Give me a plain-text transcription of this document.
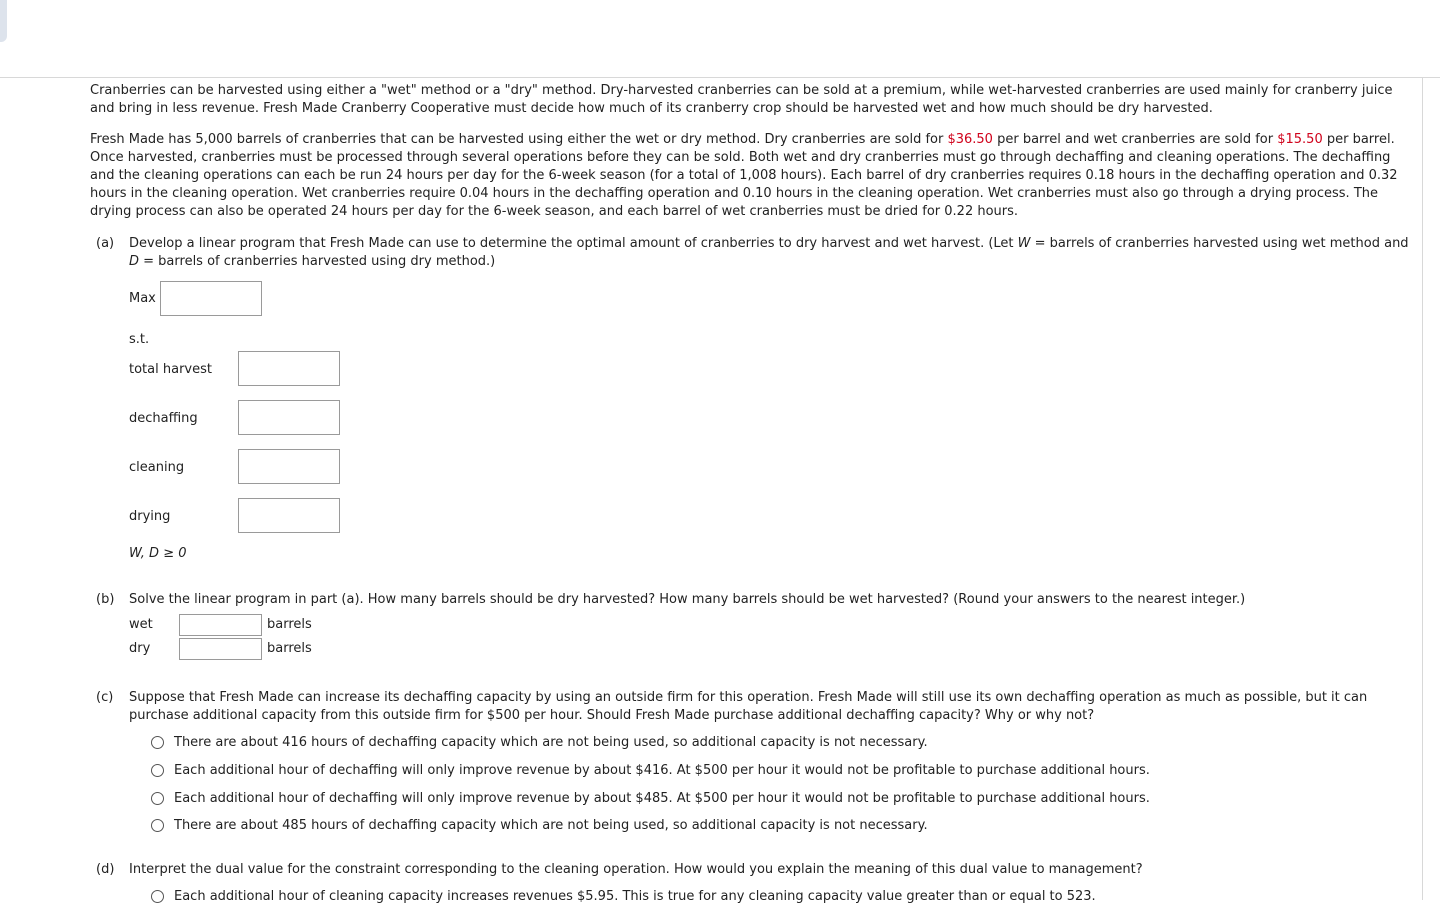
Cranberries can be harvested using either a "wet" method or a "dry" method. Dry-harvested cranberries can be sold at a premium, while wet-harvested cranberries are used mainly for cranberry juice and bring in less revenue. Fresh Made Cranberry Cooperative must decide how much of its cranberry crop should be harvested wet and how much should be dry harvested.

Fresh Made has 5,000 barrels of cranberries that can be harvested using either the wet or dry method. Dry cranberries are sold for $36.50 per barrel and wet cranberries are sold for $15.50 per barrel. Once harvested, cranberries must be processed through several operations before they can be sold. Both wet and dry cranberries must go through dechaffing and cleaning operations. The dechaffing and the cleaning operations can each be run 24 hours per day for the 6-week season (for a total of 1,008 hours). Each barrel of dry cranberries requires 0.18 hours in the dechaffing operation and 0.32 hours in the cleaning operation. Wet cranberries require 0.04 hours in the dechaffing operation and 0.10 hours in the cleaning operation. Wet cranberries must also go through a drying process. The drying process can also be operated 24 hours per day for the 6-week season, and each barrel of wet cranberries must be dried for 0.22 hours.

(a) Develop a linear program that Fresh Made can use to determine the optimal amount of cranberries to dry harvest and wet harvest. (Let W = barrels of cranberries harvested using wet method and D = barrels of cranberries harvested using dry method.)
Max
s.t.
total harvest
dechaffing
cleaning
drying
W, D ≥ 0
(b) Solve the linear program in part (a). How many barrels should be dry harvested? How many barrels should be wet harvested? (Round your answers to the nearest integer.)
wet	barrels
dry	barrels
(c) Suppose that Fresh Made can increase its dechaffing capacity by using an outside firm for this operation. Fresh Made will still use its own dechaffing operation as much as possible, but it can purchase additional capacity from this outside firm for $500 per hour. Should Fresh Made purchase additional dechaffing capacity? Why or why not?
There are about 416 hours of dechaffing capacity which are not being used, so additional capacity is not necessary.
Each additional hour of dechaffing will only improve revenue by about $416. At $500 per hour it would not be profitable to purchase additional hours.
Each additional hour of dechaffing will only improve revenue by about $485. At $500 per hour it would not be profitable to purchase additional hours.
There are about 485 hours of dechaffing capacity which are not being used, so additional capacity is not necessary.
(d) Interpret the dual value for the constraint corresponding to the cleaning operation. How would you explain the meaning of this dual value to management?
Each additional hour of cleaning capacity increases revenues $5.95. This is true for any cleaning capacity value greater than or equal to 523.
